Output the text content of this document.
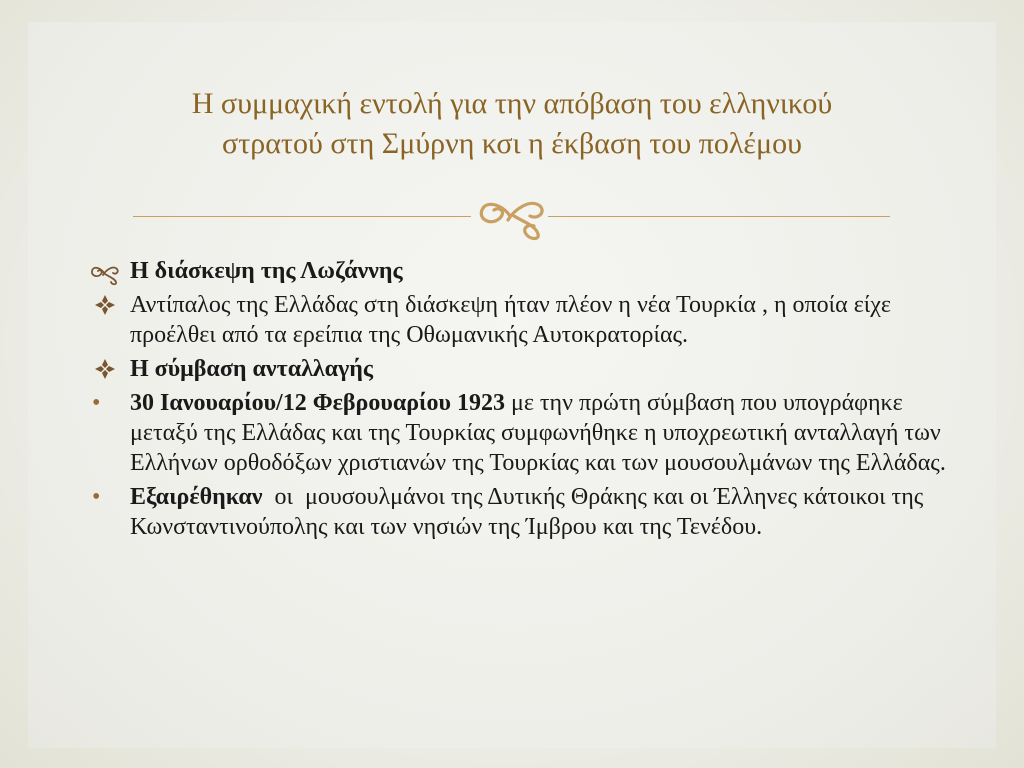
Η συμμαχική εντολή για την απόβαση του ελληνικού
στρατού στη Σμύρνη κσι η έκβαση του πολέμου
Η διάσκεψη της Λωζάννης
Αντίπαλος της Ελλάδας στη διάσκεψη ήταν πλέον η νέα Τουρκία , η οποία είχε προέλθει από τα ερείπια της Οθωμανικής Αυτοκρατορίας.
Η σύμβαση ανταλλαγής
• 30 Ιανουαρίου/12 Φεβρουαρίου 1923 με την πρώτη σύμβαση που υπογράφηκε μεταξύ της Ελλάδας και της Τουρκίας συμφωνήθηκε η υποχρεωτική ανταλλαγή των Ελλήνων ορθοδόξων χριστιανών της Τουρκίας και των μουσουλμάνων της Ελλάδας.
• Εξαιρέθηκαν  οι  μουσουλμάνοι της Δυτικής Θράκης και οι Έλληνες κάτοικοι της Κωνσταντινούπολης και των νησιών της Ίμβρου και της Τενέδου.
